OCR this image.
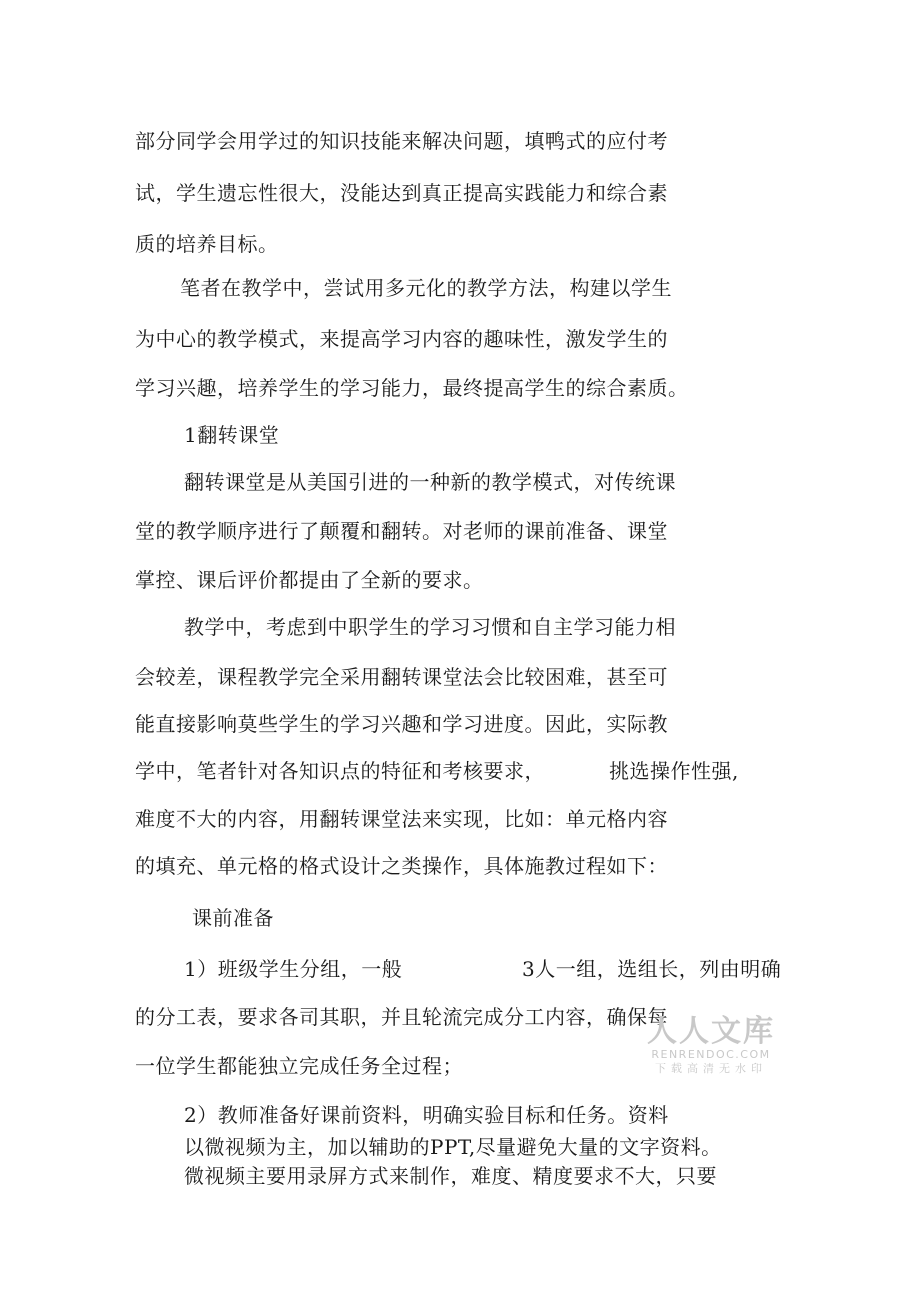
部分同学会用学过的知识技能来解决问题，填鸭式的应付考
试，学生遗忘性很大，没能达到真正提高实践能力和综合素
质的培养目标。
笔者在教学中，尝试用多元化的教学方法，构建以学生
为中心的教学模式，来提高学习内容的趣味性，激发学生的
学习兴趣，培养学生的学习能力，最终提高学生的综合素质。
1翻转课堂
翻转课堂是从美国引进的一种新的教学模式，对传统课
堂的教学顺序进行了颠覆和翻转。对老师的课前准备、课堂
掌控、课后评价都提由了全新的要求。
教学中，考虑到中职学生的学习习惯和自主学习能力相
会较差，课程教学完全采用翻转课堂法会比较困难，甚至可
能直接影响莫些学生的学习兴趣和学习进度。因此，实际教
学中，笔者针对各知识点的特征和考核要求，	挑选操作性强,
难度不大的内容，用翻转课堂法来实现，比如：单元格内容
的填充、单元格的格式设计之类操作，具体施教过程如下：
课前准备
1）班级学生分组，一般	3人一组，选组长，列由明确
的分工表，要求各司其职，并且轮流完成分工内容，确保每
一位学生都能独立完成任务全过程；
2）教师准备好课前资料，明确实验目标和任务。资料
以微视频为主，加以辅助的PPT,尽量避免大量的文字资料。
微视频主要用录屏方式来制作，难度、精度要求不大，只要
人人文库
RENRENDOC.COM
下载高清无水印
